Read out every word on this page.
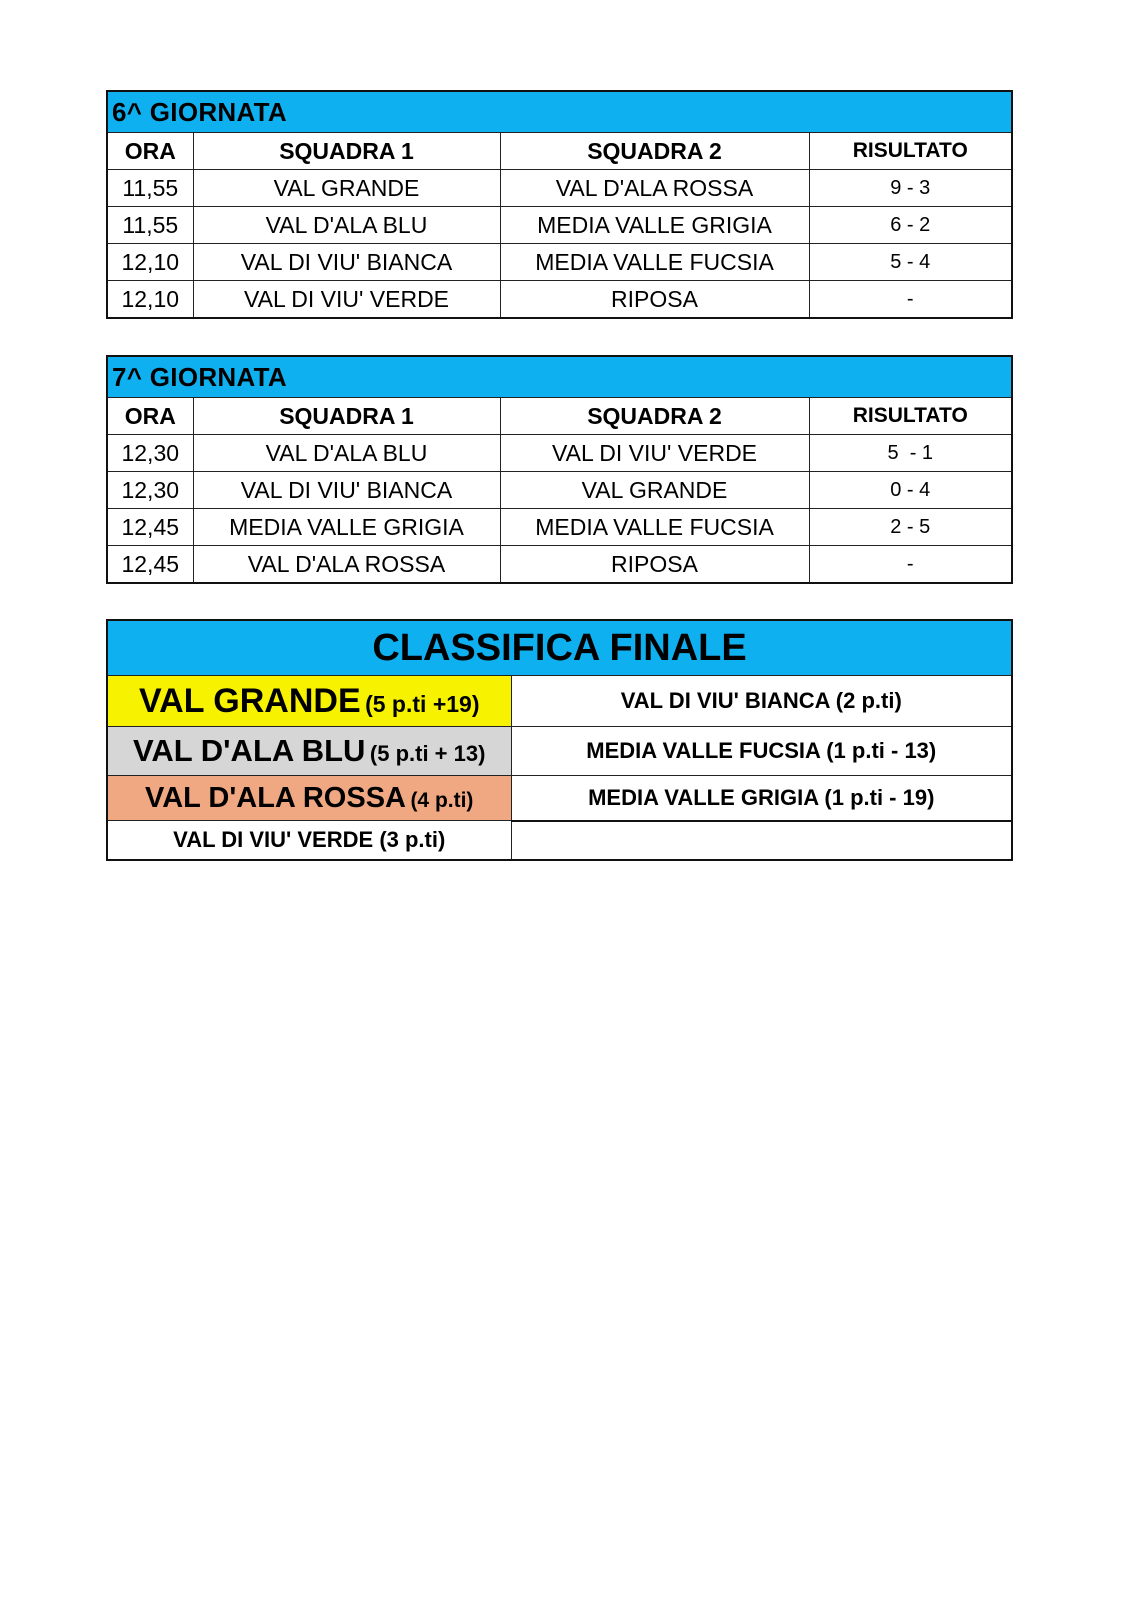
6^ GIORNATA			
ORA	SQUADRA 1	SQUADRA 2	RISULTATO
11,55	VAL GRANDE	VAL D'ALA ROSSA	9 - 3
11,55	VAL D'ALA BLU	MEDIA VALLE GRIGIA	6 - 2
12,10	VAL DI VIU' BIANCA	MEDIA VALLE FUCSIA	5 - 4
12,10	VAL DI VIU' VERDE	RIPOSA	-
7^ GIORNATA			
ORA	SQUADRA 1	SQUADRA 2	RISULTATO
12,30	VAL D'ALA BLU	VAL DI VIU' VERDE	5  - 1
12,30	VAL DI VIU' BIANCA	VAL GRANDE	0 - 4
12,45	MEDIA VALLE GRIGIA	MEDIA VALLE FUCSIA	2 - 5
12,45	VAL D'ALA ROSSA	RIPOSA	-
CLASSIFICA FINALE	
VAL GRANDE (5 p.ti +19)	VAL DI VIU' BIANCA (2 p.ti)
VAL D'ALA BLU (5 p.ti + 13)	MEDIA VALLE FUCSIA (1 p.ti - 13)
VAL D'ALA ROSSA (4 p.ti)	MEDIA VALLE GRIGIA (1 p.ti - 19)
VAL DI VIU' VERDE (3 p.ti)	
